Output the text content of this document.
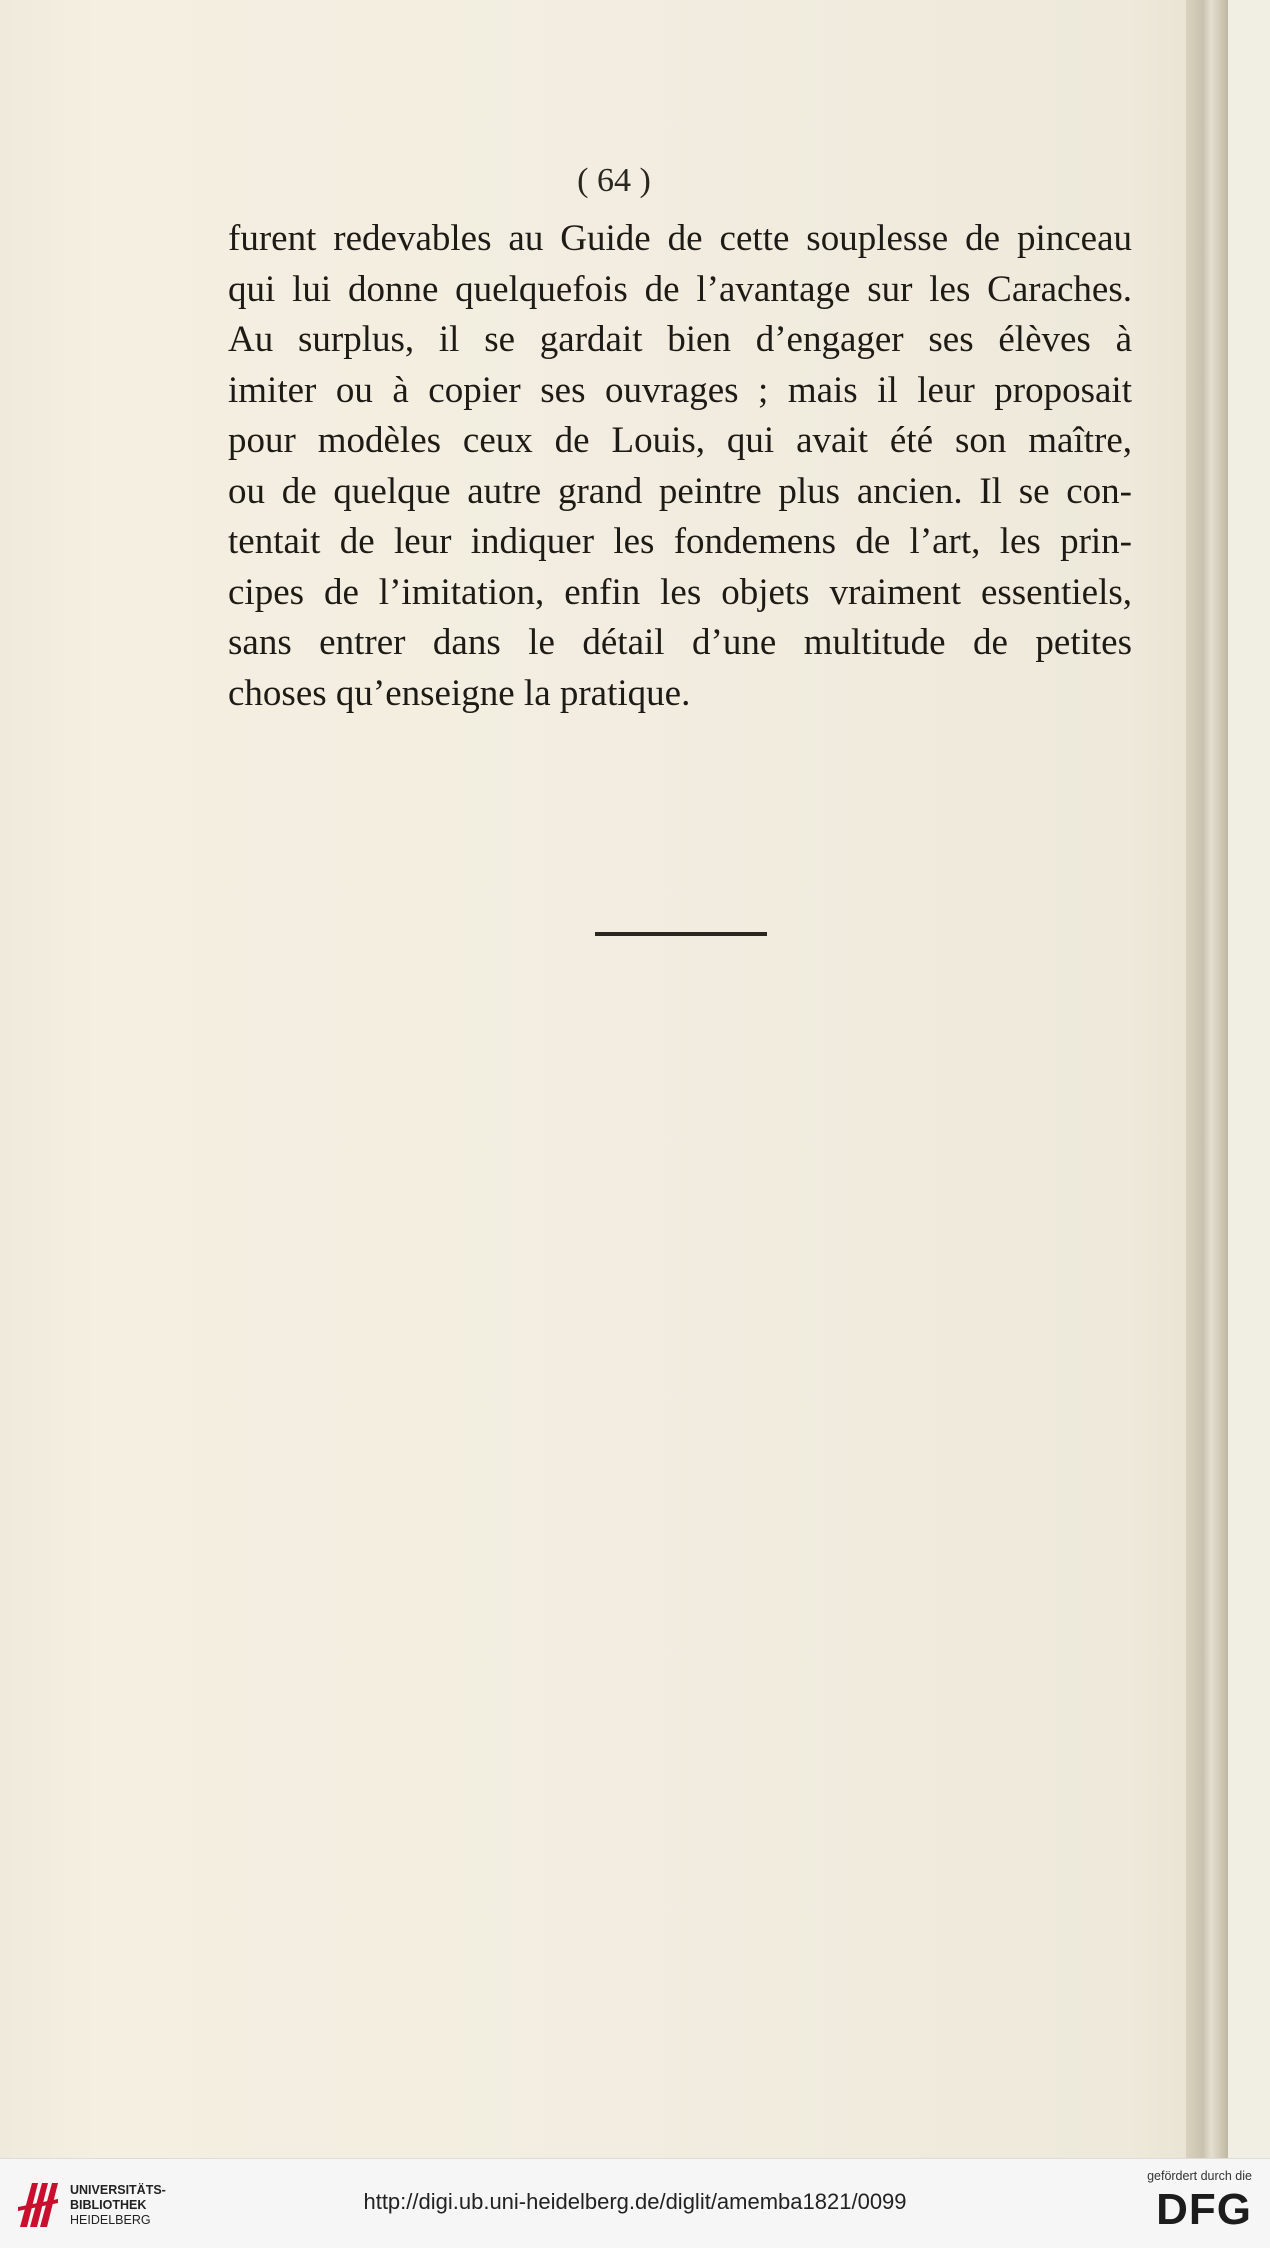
( 64 )
furent redevables au Guide de cette souplesse de pinceau
qui lui donne quelquefois de l’avantage sur les Caraches.
Au surplus, il se gardait bien d’engager ses élèves à
imiter ou à copier ses ouvrages ; mais il leur proposait
pour modèles ceux de Louis, qui avait été son maître,
ou de quelque autre grand peintre plus ancien. Il se con-
tentait de leur indiquer les fondemens de l’art, les prin-
cipes de l’imitation, enfin les objets vraiment essentiels,
sans entrer dans le détail d’une multitude de petites
choses qu’enseigne la pratique.
UNIVERSITÄTS-
BIBLIOTHEK
HEIDELBERG
http://digi.ub.uni-heidelberg.de/diglit/amemba1821/0099
gefördert durch die
DFG
